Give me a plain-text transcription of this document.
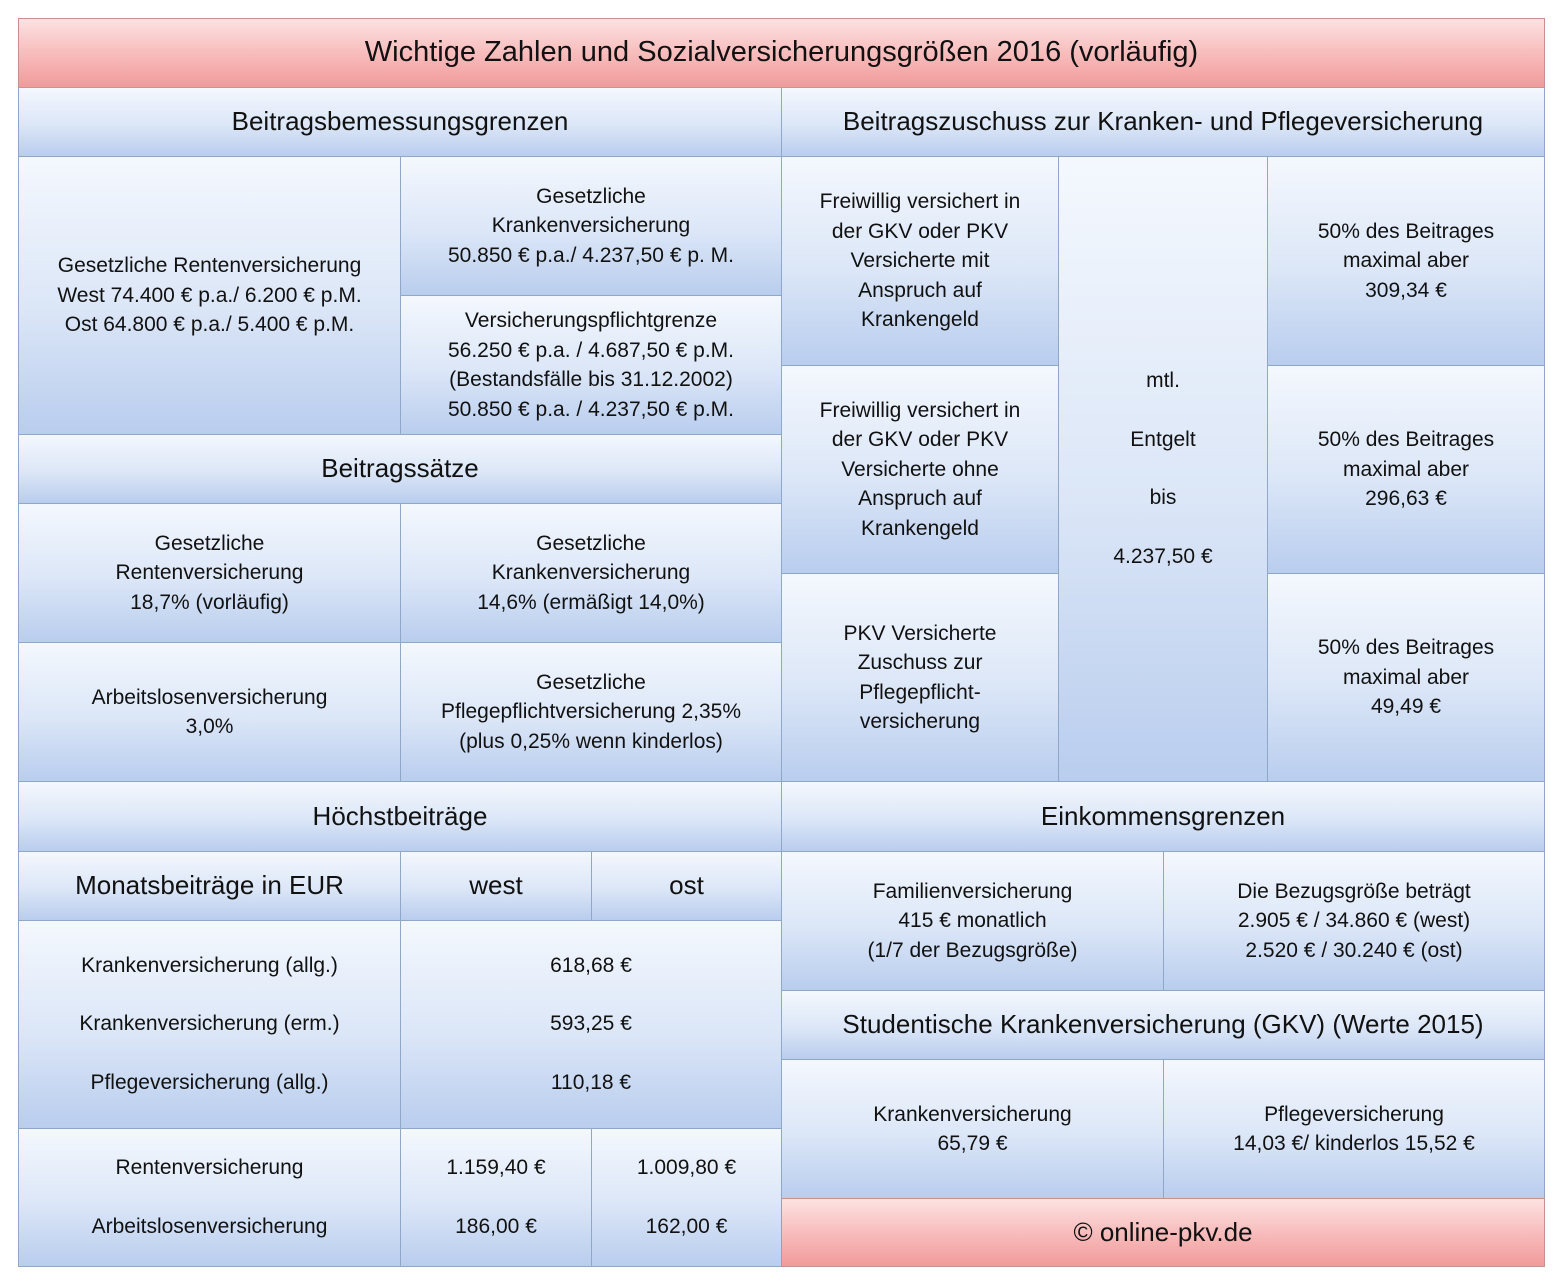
Wichtige Zahlen und Sozialversicherungsgrößen 2016 (vorläufig)
Beitragsbemessungsgrenzen
Gesetzliche Rentenversicherung
West 74.400 € p.a./ 6.200 € p.M.
Ost 64.800 € p.a./ 5.400 € p.M.
Gesetzliche
Krankenversicherung
50.850 € p.a./ 4.237,50 € p. M.
Versicherungspflichtgrenze
56.250 € p.a. / 4.687,50 € p.M.
(Bestandsfälle bis 31.12.2002)
50.850 € p.a. / 4.237,50 € p.M.
Beitragssätze
Gesetzliche
Rentenversicherung
18,7% (vorläufig)
Gesetzliche
Krankenversicherung
14,6% (ermäßigt 14,0%)
Arbeitslosenversicherung
3,0%
Gesetzliche
Pflegepflichtversicherung 2,35%
(plus 0,25% wenn kinderlos)
Beitragszuschuss zur Kranken- und Pflegeversicherung
Freiwillig versichert in
der GKV oder PKV
Versicherte mit
Anspruch auf
Krankengeld
Freiwillig versichert in
der GKV oder PKV
Versicherte ohne
Anspruch auf
Krankengeld
PKV Versicherte
Zuschuss zur
Pflegepflicht-
versicherung
mtl.
Entgelt
bis
4.237,50 €
50% des Beitrages
maximal aber
309,34 €
50% des Beitrages
maximal aber
296,63 €
50% des Beitrages
maximal aber
49,49 €
Höchstbeiträge
Monatsbeiträge in EUR	west	ost
Krankenversicherung (allg.)
Krankenversicherung (erm.)
Pflegeversicherung (allg.)
618,68 €
593,25 €
110,18 €
Rentenversicherung
Arbeitslosenversicherung
1.159,40 €
186,00 €
1.009,80 €
162,00 €
Einkommensgrenzen
Familienversicherung
415 € monatlich
(1/7 der Bezugsgröße)
Die Bezugsgröße beträgt
2.905 € / 34.860 € (west)
2.520 € / 30.240 € (ost)
Studentische Krankenversicherung (GKV) (Werte 2015)
Krankenversicherung
65,79 €
Pflegeversicherung
14,03 €/ kinderlos 15,52 €
© online-pkv.de
